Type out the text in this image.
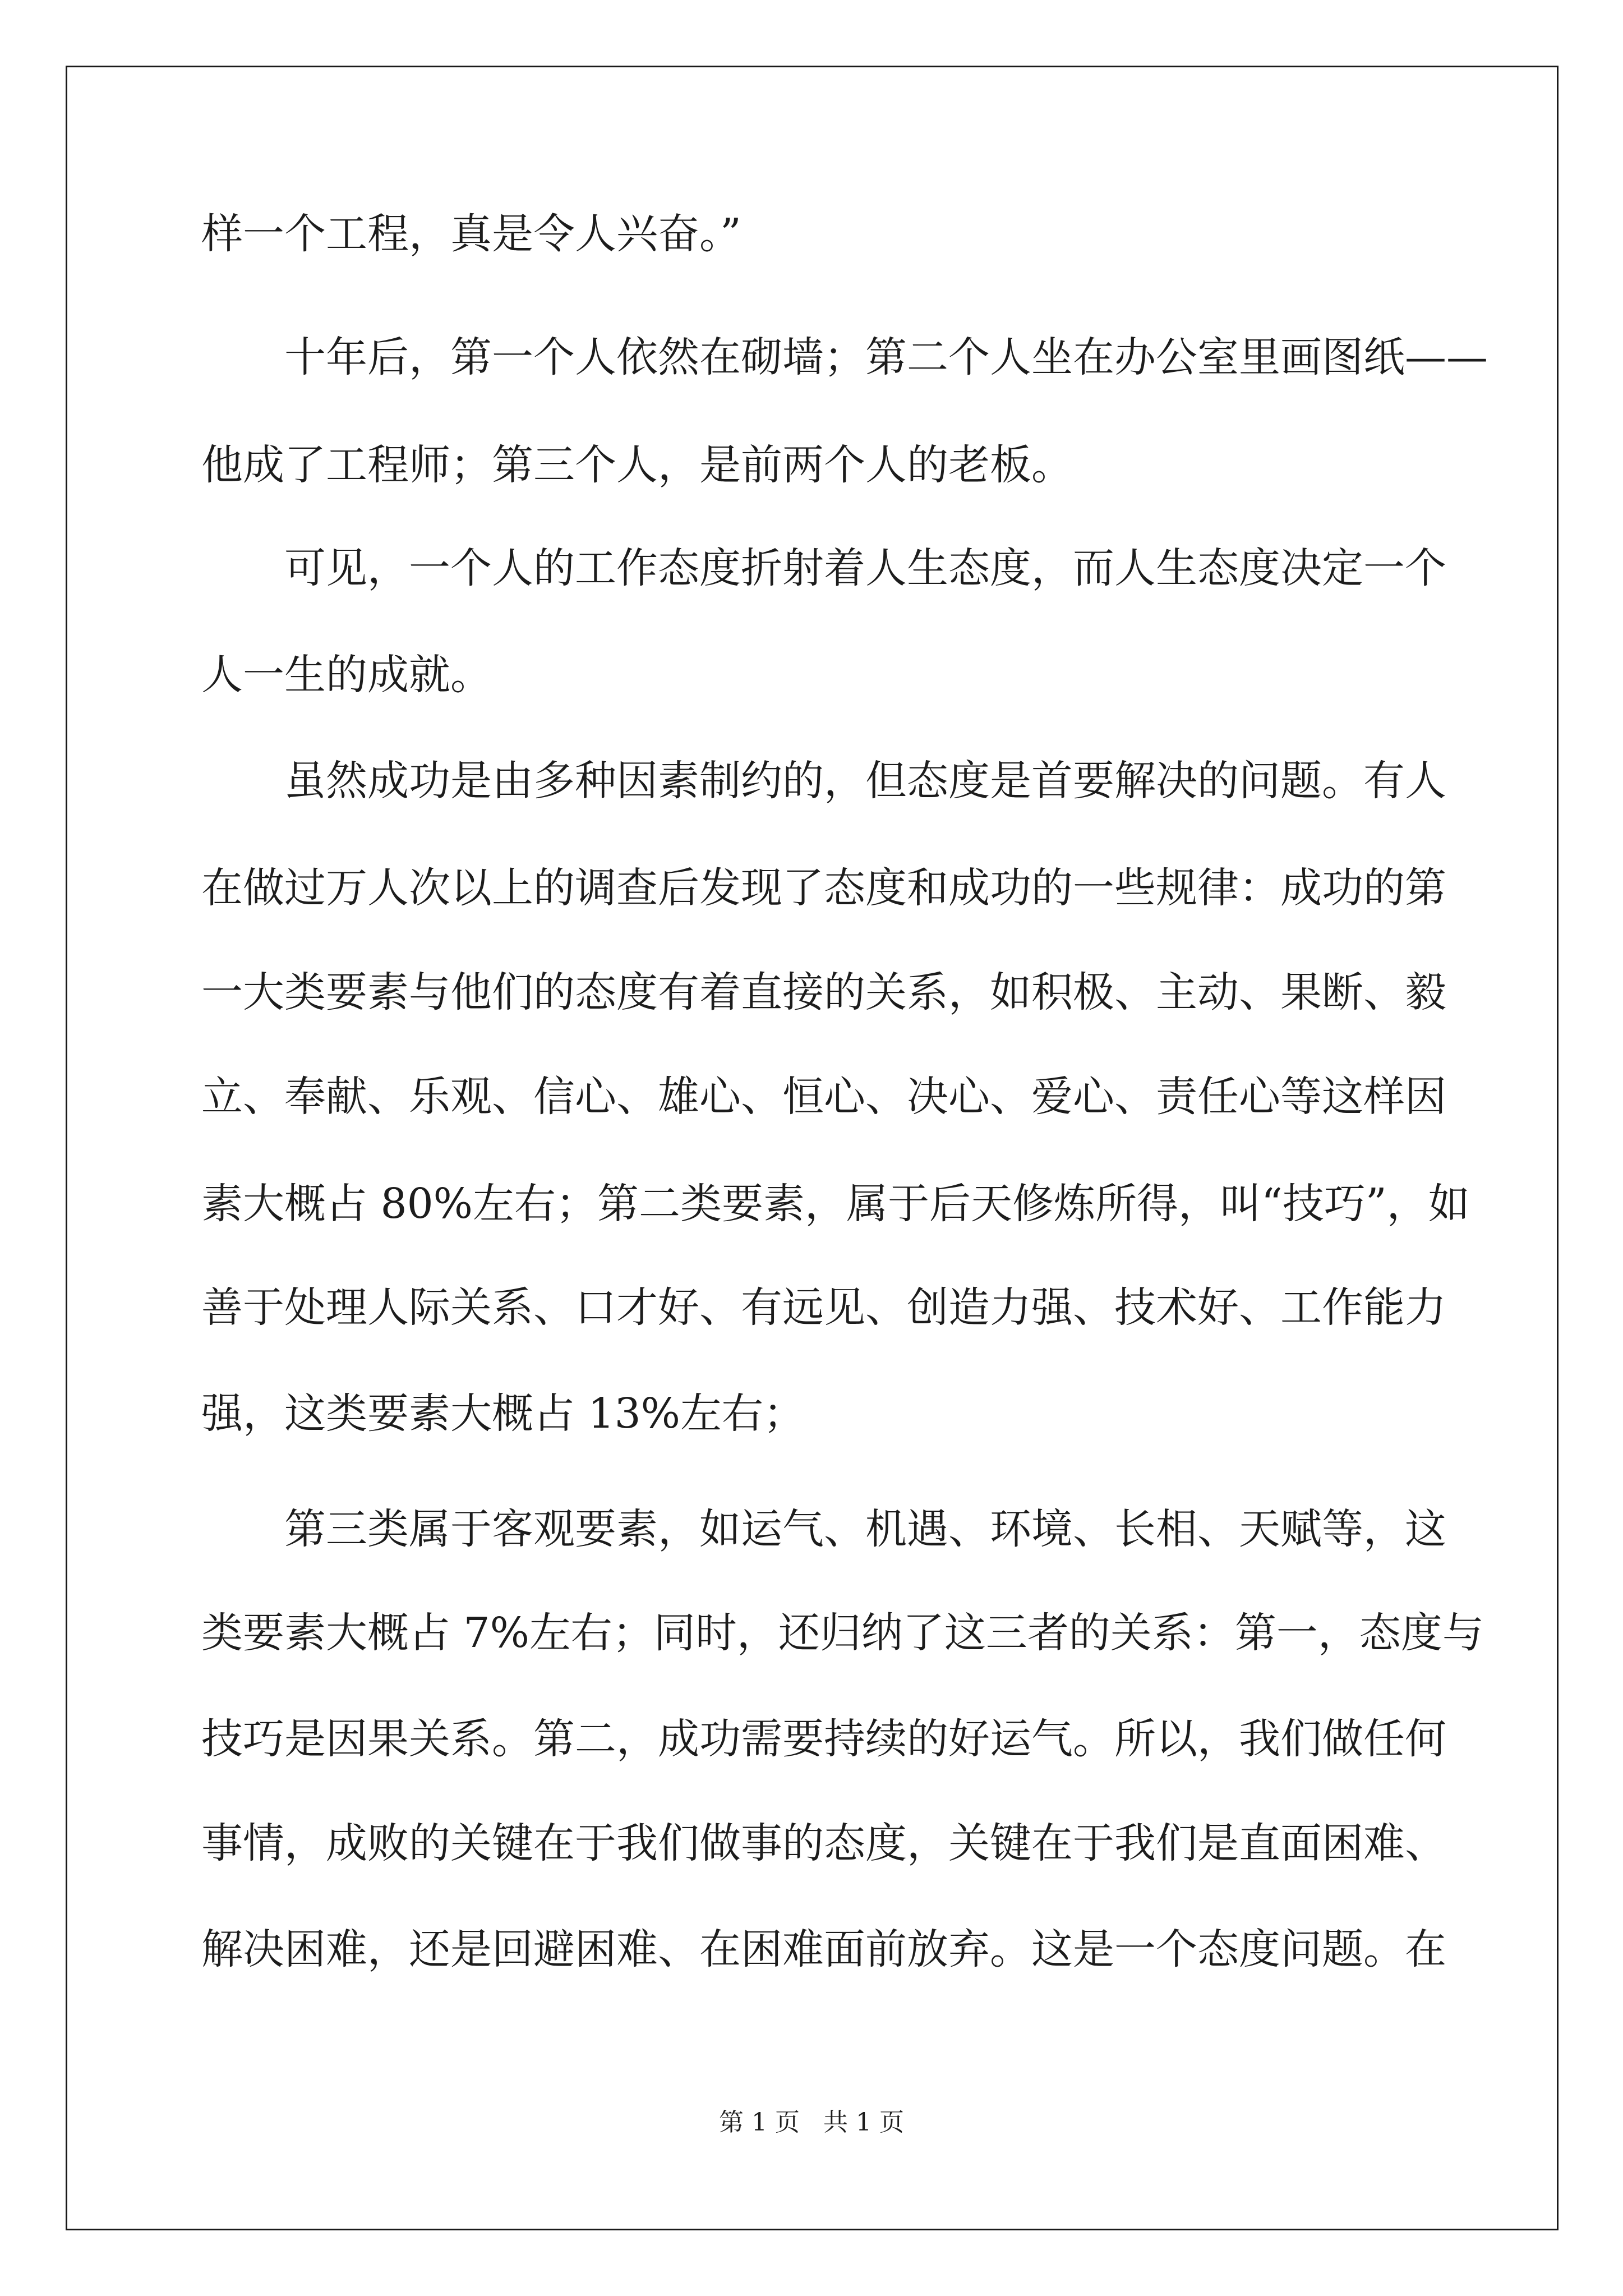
样一个工程，真是令人兴奋。”
十年后，第一个人依然在砌墙；第二个人坐在办公室里画图纸——
他成了工程师；第三个人，是前两个人的老板。
可见，一个人的工作态度折射着人生态度，而人生态度决定一个
人一生的成就。
虽然成功是由多种因素制约的，但态度是首要解决的问题。有人
在做过万人次以上的调查后发现了态度和成功的一些规律：成功的第
一大类要素与他们的态度有着直接的关系，如积极、主动、果断、毅
立、奉献、乐观、信心、雄心、恒心、决心、爱心、责任心等这样因
素大概占 80%左右；第二类要素，属于后天修炼所得，叫“技巧”，如
善于处理人际关系、口才好、有远见、创造力强、技术好、工作能力
强，这类要素大概占 13%左右；
第三类属于客观要素，如运气、机遇、环境、长相、天赋等，这
类要素大概占 7%左右；同时，还归纳了这三者的关系：第一，态度与
技巧是因果关系。第二，成功需要持续的好运气。所以，我们做任何
事情，成败的关键在于我们做事的态度，关键在于我们是直面困难、
解决困难，还是回避困难、在困难面前放弃。这是一个态度问题。在
第 1 页   共 1 页
